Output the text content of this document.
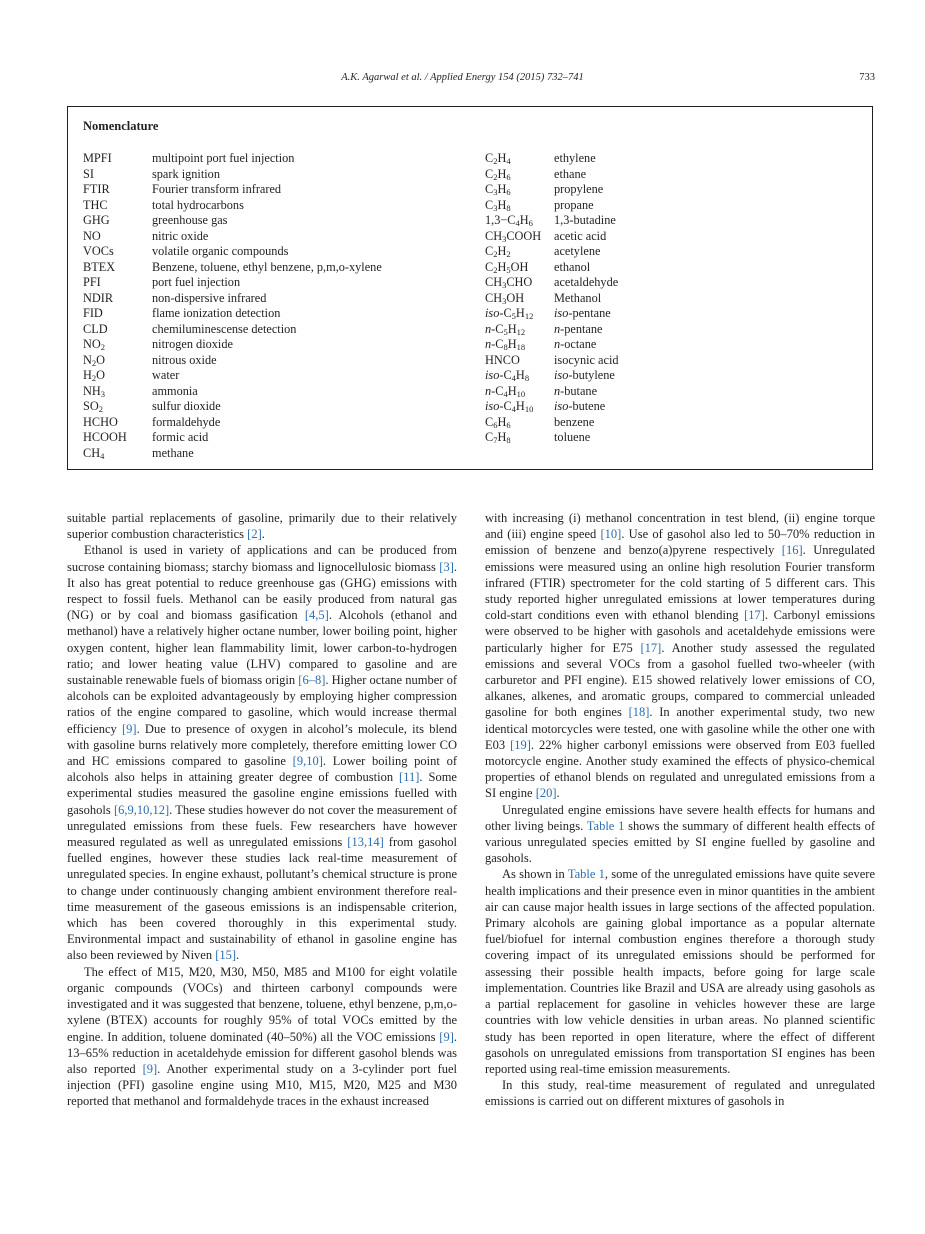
A.K. Agarwal et al. / Applied Energy 154 (2015) 732–741	733
Nomenclature
MPFI	multipoint port fuel injection
SI	spark ignition
FTIR	Fourier transform infrared
THC	total hydrocarbons
GHG	greenhouse gas
NO	nitric oxide
VOCs	volatile organic compounds
BTEX	Benzene, toluene, ethyl benzene, p,m,o-xylene
PFI	port fuel injection
NDIR	non-dispersive infrared
FID	flame ionization detection
CLD	chemiluminescense detection
$NO_2$	nitrogen dioxide
$N_2O$	nitrous oxide
$H_2O$	water
$NH_3$	ammonia
$SO_2$	sulfur dioxide
HCHO	formaldehyde
HCOOH formic acid
$CH_4$	methane
$C_2H_4$	ethylene
$C_2H_6$	ethane
$C_3H_6$	propylene
$C_3H_8$	propane
$1,3-C_4H_6$ 1,3-butadine
$CH_3COOH$ acetic acid
$C_2H_2$	acetylene
$C_2H_5OH$ ethanol
$CH_3CHO$ acetaldehyde
$CH_3OH$ Methanol
iso-$C_5H_{12}$ iso-pentane
$n-C_5H_{12}$ n-pentane
$n-C_8H_{18}$ n-octane
HNCO	isocynic acid
iso-$C_4H_8$ iso-butylene
$n-C_4H_{10}$ n-butane
iso-$C_4H_{10}$ iso-butene
$C_6H_6$	benzene
$C_7H_8$	toluene

suitable partial replacements of gasoline, primarily due to their relatively superior combustion characteristics [2].

Ethanol is used in variety of applications and can be produced from sucrose containing biomass; starchy biomass and lignocellulosic biomass [3]. It also has great potential to reduce greenhouse gas (GHG) emissions with respect to fossil fuels. Methanol can be easily produced from natural gas (NG) or by coal and biomass gasification [4,5]. Alcohols (ethanol and methanol) have a relatively higher octane number, lower boiling point, higher oxygen content, higher lean flammability limit, lower carbon-to-hydrogen ratio; and lower heating value (LHV) compared to gasoline and are sustainable renewable fuels of biomass origin [6–8]. Higher octane number of alcohols can be exploited advantageously by employing higher compression ratios of the engine compared to gasoline, which would increase thermal efficiency [9]. Due to presence of oxygen in alcohol’s molecule, its blend with gasoline burns relatively more completely, therefore emitting lower CO and HC emissions compared to gasoline [9,10]. Lower boiling point of alcohols also helps in attaining greater degree of combustion [11]. Some experimental studies measured the gasoline engine emissions fuelled with gasohols [6,9,10,12]. These studies however do not cover the measurement of unregulated emissions from these fuels. Few researchers have however measured regulated as well as unregulated emissions [13,14] from gasohol fuelled engines, however these studies lack real-time measurement of unregulated species. In engine exhaust, pollutant’s chemical structure is prone to change under continuously changing ambient environment therefore real-time measurement of the gaseous emissions is an indispensable criterion, which has been covered thoroughly in this experimental study. Environmental impact and sustainability of ethanol in gasoline engine has also been reviewed by Niven [15].

The effect of M15, M20, M30, M50, M85 and M100 for eight volatile organic compounds (VOCs) and thirteen carbonyl compounds were investigated and it was suggested that benzene, toluene, ethyl benzene, p,m,o-xylene (BTEX) accounts for roughly 95% of total VOCs emitted by the engine. In addition, toluene dominated (40–50%) all the VOC emissions [9]. 13–65% reduction in acetaldehyde emission for different gasohol blends was also reported [9]. Another experimental study on a 3-cylinder port fuel injection (PFI) gasoline engine using M10, M15, M20, M25 and M30 reported that methanol and formaldehyde traces in the exhaust increased

with increasing (i) methanol concentration in test blend, (ii) engine torque and (iii) engine speed [10]. Use of gasohol also led to 50–70% reduction in emission of benzene and benzo(a)pyrene respectively [16]. Unregulated emissions were measured using an online high resolution Fourier transform infrared (FTIR) spectrometer for the cold starting of 5 different cars. This study reported higher unregulated emissions at lower temperatures during cold-start conditions even with ethanol blending [17]. Carbonyl emissions were observed to be higher with gasohols and acetaldehyde emissions were particularly higher for E75 [17]. Another study assessed the regulated emissions and several VOCs from a gasohol fuelled two-wheeler (with carburetor and PFI engine). E15 showed relatively lower emissions of CO, alkanes, alkenes, and aromatic groups, compared to commercial unleaded gasoline for both engines [18]. In another experimental study, two new identical motorcycles were tested, one with gasoline while the other one with E03 [19]. 22% higher carbonyl emissions were observed from E03 fuelled motorcycle engine. Another study examined the effects of physico-chemical properties of ethanol blends on regulated and unregulated emissions from a SI engine [20].

Unregulated engine emissions have severe health effects for humans and other living beings. Table 1 shows the summary of different health effects of various unregulated species emitted by SI engine fuelled by gasoline and gasohols.

As shown in Table 1, some of the unregulated emissions have quite severe health implications and their presence even in minor quantities in the ambient air can cause major health issues in large sections of the affected population. Primary alcohols are gaining global importance as a popular alternate fuel/biofuel for internal combustion engines therefore a thorough study covering impact of its unregulated emissions should be performed for assessing their possible health impacts, before going for large scale implementation. Countries like Brazil and USA are already using gasohols as a partial replacement for gasoline in vehicles however these are large countries with low vehicle densities in urban areas. No planned scientific study has been reported in open literature, where the effect of different gasohols on unregulated emissions from transportation SI engines has been reported using real-time emission measurements.

In this study, real-time measurement of regulated and unregulated emissions is carried out on different mixtures of gasohols in
